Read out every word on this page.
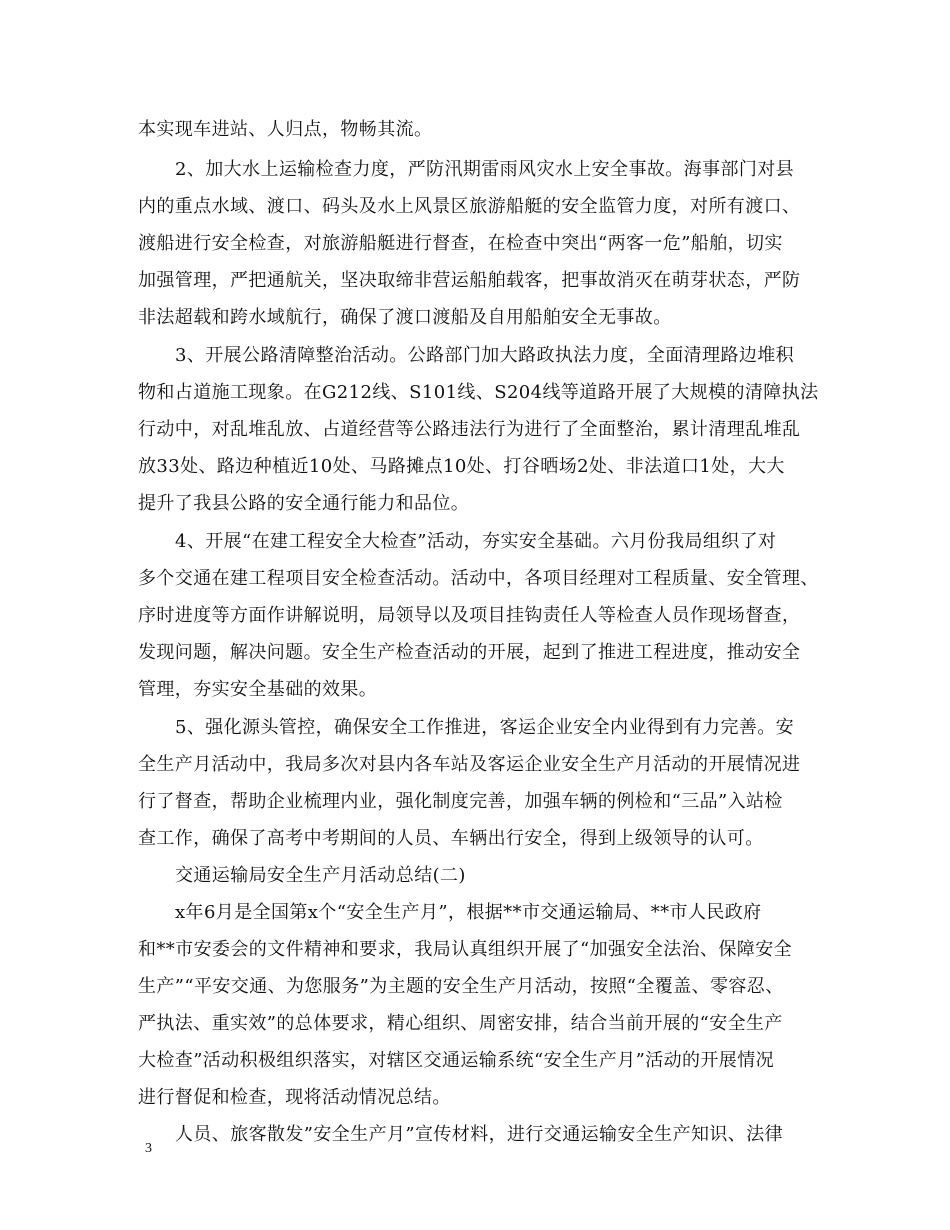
本实现车进站、人归点，物畅其流。
2、加大水上运输检查力度，严防汛期雷雨风灾水上安全事故。海事部门对县
内的重点水域、渡口、码头及水上风景区旅游船艇的安全监管力度，对所有渡口、
渡船进行安全检查，对旅游船艇进行督查，在检查中突出“两客一危”船舶，切实
加强管理，严把通航关，坚决取缔非营运船舶载客，把事故消灭在萌芽状态，严防
非法超载和跨水域航行，确保了渡口渡船及自用船舶安全无事故。
3、开展公路清障整治活动。公路部门加大路政执法力度，全面清理路边堆积
物和占道施工现象。在G212线、S101线、S204线等道路开展了大规模的清障执法
行动中，对乱堆乱放、占道经营等公路违法行为进行了全面整治，累计清理乱堆乱
放33处、路边种植近10处、马路摊点10处、打谷晒场2处、非法道口1处，大大
提升了我县公路的安全通行能力和品位。
4、开展“在建工程安全大检查”活动，夯实安全基础。六月份我局组织了对
多个交通在建工程项目安全检查活动。活动中，各项目经理对工程质量、安全管理、
序时进度等方面作讲解说明，局领导以及项目挂钩责任人等检查人员作现场督查，
发现问题，解决问题。安全生产检查活动的开展，起到了推进工程进度，推动安全
管理，夯实安全基础的效果。
5、强化源头管控，确保安全工作推进，客运企业安全内业得到有力完善。安
全生产月活动中，我局多次对县内各车站及客运企业安全生产月活动的开展情况进
行了督查，帮助企业梳理内业，强化制度完善，加强车辆的例检和“三品”入站检
查工作，确保了高考中考期间的人员、车辆出行安全，得到上级领导的认可。
交通运输局安全生产月活动总结(二)
x年6月是全国第x个“安全生产月”，根据**市交通运输局、**市人民政府
和**市安委会的文件精神和要求，我局认真组织开展了“加强安全法治、保障安全
生产”“平安交通、为您服务”为主题的安全生产月活动，按照“全覆盖、零容忍、
严执法、重实效”的总体要求，精心组织、周密安排，结合当前开展的“安全生产
大检查”活动积极组织落实，对辖区交通运输系统“安全生产月”活动的开展情况
进行督促和检查，现将活动情况总结。
人员、旅客散发”安全生产月”宣传材料，进行交通运输安全生产知识、法律
3
